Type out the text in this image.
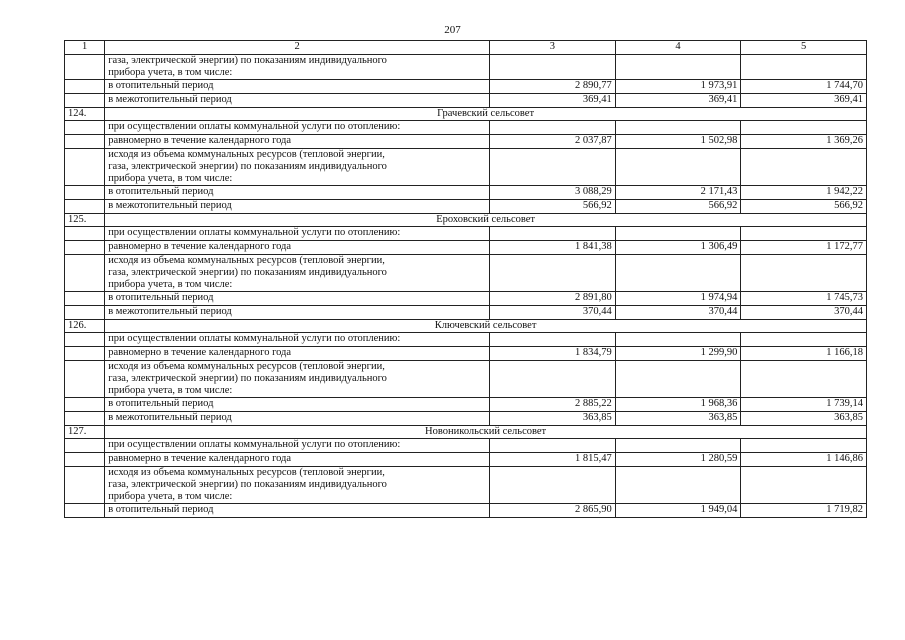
207
1	2	3	4	5
	газа, электрической энергии) по показаниям индивидуального
прибора учета, в том числе:			
	в отопительный период	2 890,77	1 973,91	1 744,70
	в межотопительный период	369,41	369,41	369,41
124.	Грачевский сельсовет			
	при осуществлении оплаты коммунальной услуги по отоплению:			
	равномерно в течение календарного года	2 037,87	1 502,98	1 369,26
	исходя из объема коммунальных ресурсов (тепловой энергии,
газа, электрической энергии) по показаниям индивидуального
прибора учета, в том числе:			
	в отопительный период	3 088,29	2 171,43	1 942,22
	в межотопительный период	566,92	566,92	566,92
125.	Ероховский сельсовет			
	при осуществлении оплаты коммунальной услуги по отоплению:			
	равномерно в течение календарного года	1 841,38	1 306,49	1 172,77
	исходя из объема коммунальных ресурсов (тепловой энергии,
газа, электрической энергии) по показаниям индивидуального
прибора учета, в том числе:			
	в отопительный период	2 891,80	1 974,94	1 745,73
	в межотопительный период	370,44	370,44	370,44
126.	Ключевский сельсовет			
	при осуществлении оплаты коммунальной услуги по отоплению:			
	равномерно в течение календарного года	1 834,79	1 299,90	1 166,18
	исходя из объема коммунальных ресурсов (тепловой энергии,
газа, электрической энергии) по показаниям индивидуального
прибора учета, в том числе:			
	в отопительный период	2 885,22	1 968,36	1 739,14
	в межотопительный период	363,85	363,85	363,85
127.	Новоникольский сельсовет			
	при осуществлении оплаты коммунальной услуги по отоплению:			
	равномерно в течение календарного года	1 815,47	1 280,59	1 146,86
	исходя из объема коммунальных ресурсов (тепловой энергии,
газа, электрической энергии) по показаниям индивидуального
прибора учета, в том числе:			
	в отопительный период	2 865,90	1 949,04	1 719,82
